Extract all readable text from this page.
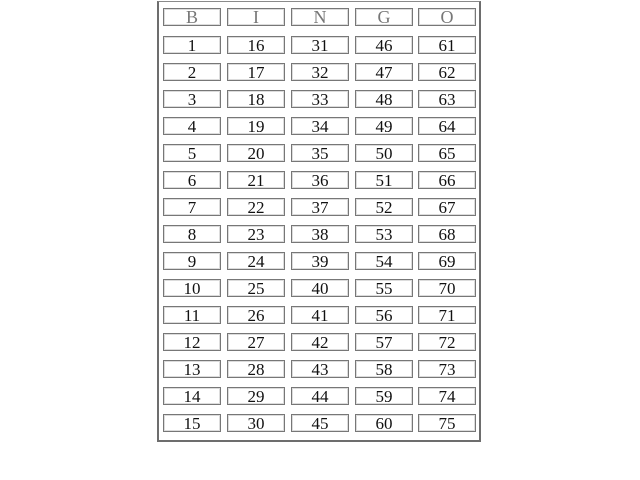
B	I	N	G	O
1	16	31	46	61
2	17	32	47	62
3	18	33	48	63
4	19	34	49	64
5	20	35	50	65
6	21	36	51	66
7	22	37	52	67
8	23	38	53	68
9	24	39	54	69
10	25	40	55	70
11	26	41	56	71
12	27	42	57	72
13	28	43	58	73
14	29	44	59	74
15	30	45	60	75
